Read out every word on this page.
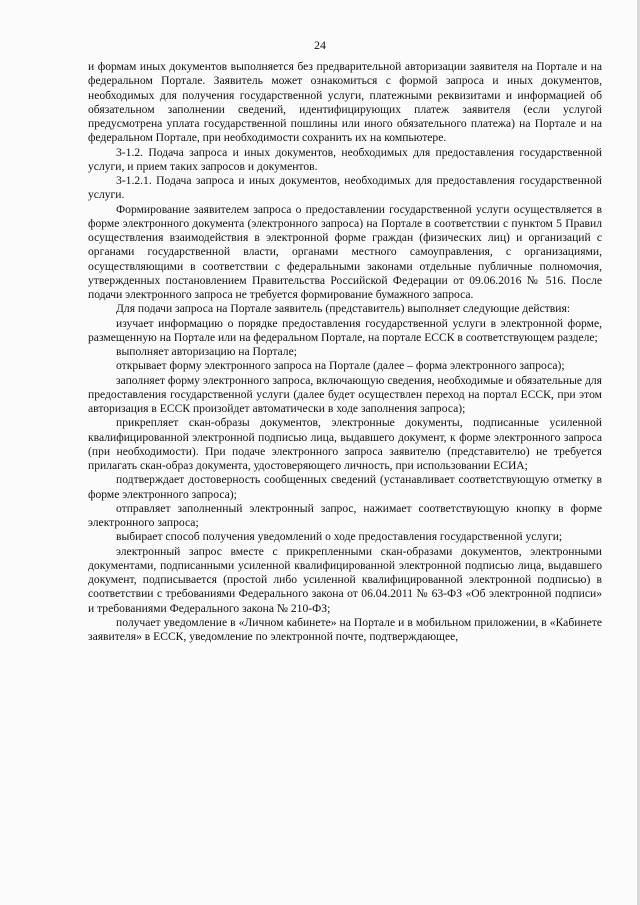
24

и формам иных документов выполняется без предварительной авторизации заявителя на Портале и на федеральном Портале. Заявитель может ознакомиться с формой запроса и иных документов, необходимых для получения государственной услуги, платежными реквизитами и информацией об обязательном заполнении сведений, идентифицирующих платеж заявителя (если услугой предусмотрена уплата государственной пошлины или иного обязательного платежа) на Портале и на федеральном Портале, при необходимости сохранить их на компьютере.

3-1.2. Подача запроса и иных документов, необходимых для предоставления государственной услуги, и прием таких запросов и документов.

3-1.2.1. Подача запроса и иных документов, необходимых для предоставления государственной услуги.

Формирование заявителем запроса о предоставлении государственной услуги осуществляется в форме электронного документа (электронного запроса) на Портале в соответствии с пунктом 5 Правил осуществления взаимодействия в электронной форме граждан (физических лиц) и организаций с органами государственной власти, органами местного самоуправления, с организациями, осуществляющими в соответствии с федеральными законами отдельные публичные полномочия, утвержденных постановлением Правительства Российской Федерации от 09.06.2016 № 516. После подачи электронного запроса не требуется формирование бумажного запроса.

Для подачи запроса на Портале заявитель (представитель) выполняет следующие действия:

изучает информацию о порядке предоставления государственной услуги в электронной форме, размещенную на Портале или на федеральном Портале, на портале ЕССК в соответствующем разделе;

выполняет авторизацию на Портале;

открывает форму электронного запроса на Портале (далее – форма электронного запроса);

заполняет форму электронного запроса, включающую сведения, необходимые и обязательные для предоставления государственной услуги (далее будет осуществлен переход на портал ЕССК, при этом авторизация в ЕССК произойдет автоматически в ходе заполнения запроса);

прикрепляет скан-образы документов, электронные документы, подписанные усиленной квалифицированной электронной подписью лица, выдавшего документ, к форме электронного запроса (при необходимости). При подаче электронного запроса заявителю (представителю) не требуется прилагать скан-образ документа, удостоверяющего личность, при использовании ЕСИА;

подтверждает достоверность сообщенных сведений (устанавливает соответствующую отметку в форме электронного запроса);

отправляет заполненный электронный запрос, нажимает соответствующую кнопку в форме электронного запроса;

выбирает способ получения уведомлений о ходе предоставления государственной услуги;

электронный запрос вместе с прикрепленными скан-образами документов, электронными документами, подписанными усиленной квалифицированной электронной подписью лица, выдавшего документ, подписывается (простой либо усиленной квалифицированной электронной подписью) в соответствии с требованиями Федерального закона от 06.04.2011 № 63-ФЗ «Об электронной подписи» и требованиями Федерального закона № 210-ФЗ;

получает уведомление в «Личном кабинете» на Портале и в мобильном приложении, в «Кабинете заявителя» в ЕССК, уведомление по электронной почте, подтверждающее,
